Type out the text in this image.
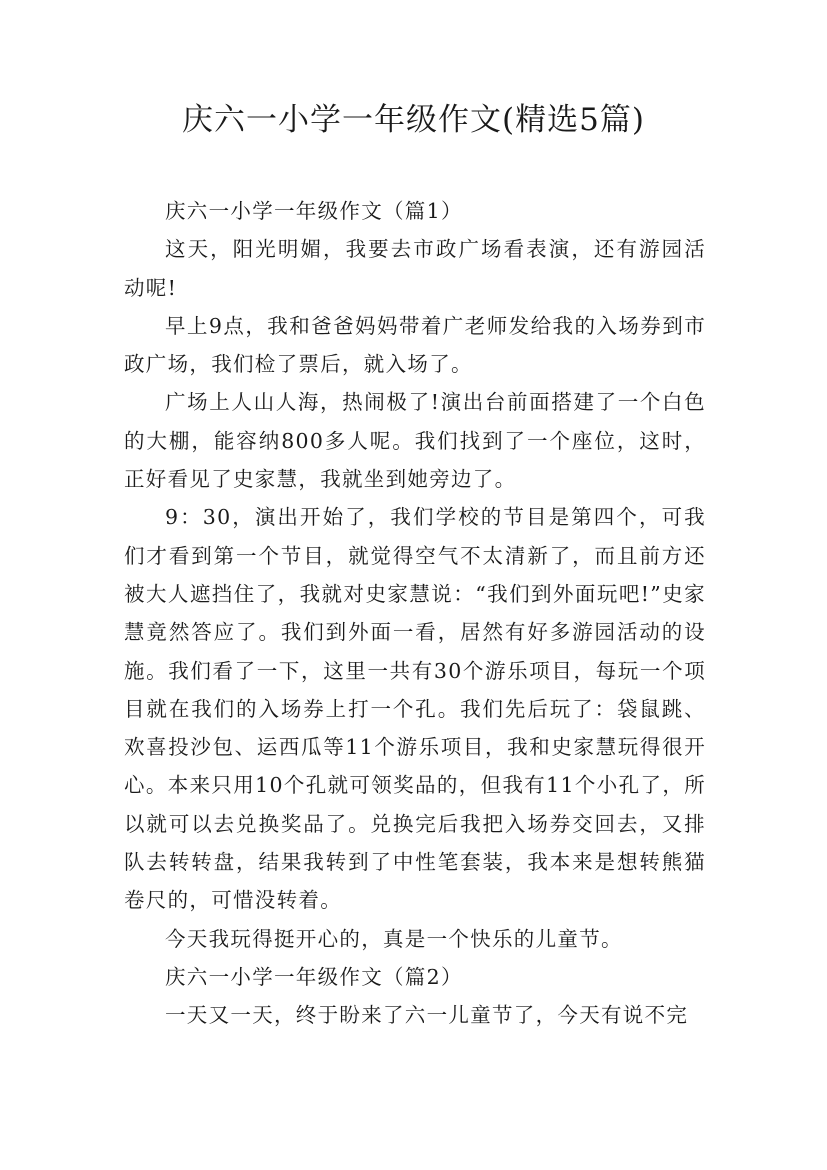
庆六一小学一年级作文(精选5篇)

庆六一小学一年级作文（篇1）

这天，阳光明媚，我要去市政广场看表演，还有游园活动呢!

早上9点，我和爸爸妈妈带着广老师发给我的入场券到市政广场，我们检了票后，就入场了。

广场上人山人海，热闹极了!演出台前面搭建了一个白色的大棚，能容纳800多人呢。我们找到了一个座位，这时，正好看见了史家慧，我就坐到她旁边了。

9：30，演出开始了，我们学校的节目是第四个，可我们才看到第一个节目，就觉得空气不太清新了，而且前方还被大人遮挡住了，我就对史家慧说：“我们到外面玩吧!”史家慧竟然答应了。我们到外面一看，居然有好多游园活动的设施。我们看了一下，这里一共有30个游乐项目，每玩一个项目就在我们的入场券上打一个孔。我们先后玩了：袋鼠跳、欢喜投沙包、运西瓜等11个游乐项目，我和史家慧玩得很开心。本来只用10个孔就可领奖品的，但我有11个小孔了，所以就可以去兑换奖品了。兑换完后我把入场券交回去，又排队去转转盘，结果我转到了中性笔套装，我本来是想转熊猫卷尺的，可惜没转着。

今天我玩得挺开心的，真是一个快乐的儿童节。

庆六一小学一年级作文（篇2）

一天又一天，终于盼来了六一儿童节了，今天有说不完
